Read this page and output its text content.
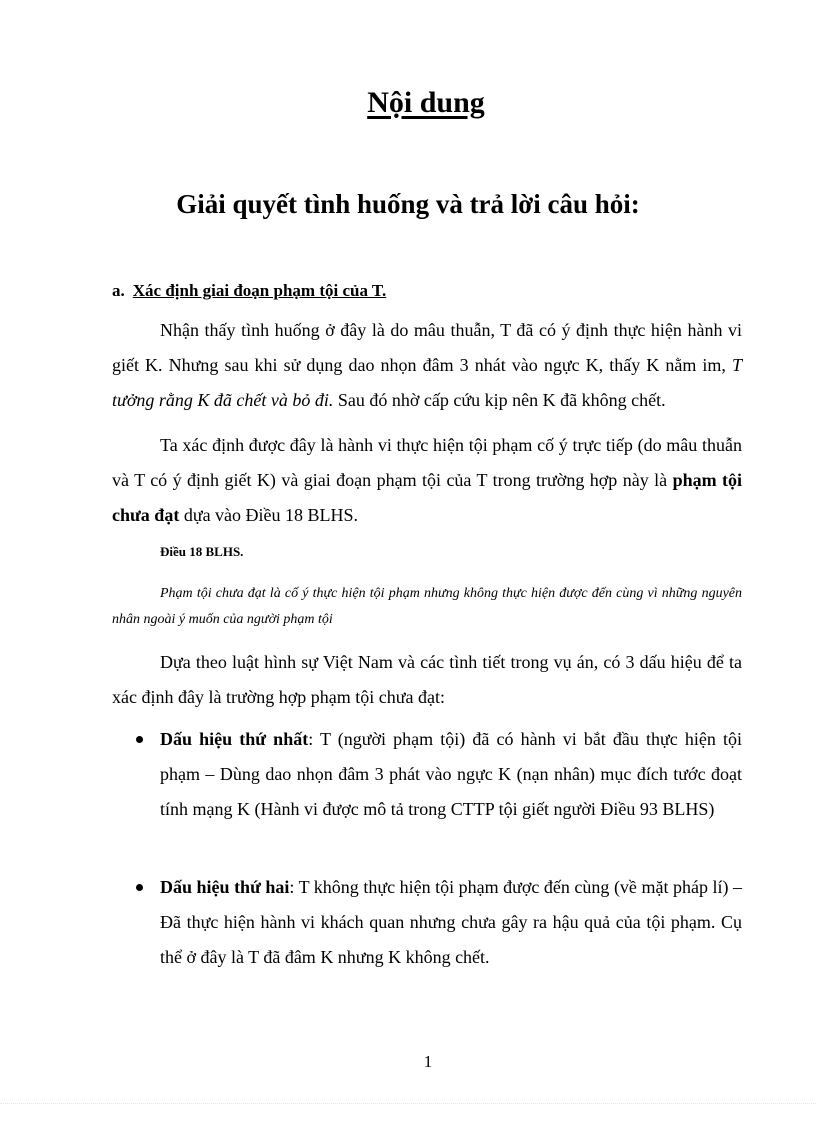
Nội dung
Giải quyết tình huống và trả lời câu hỏi:
a. Xác định giai đoạn phạm tội của T.

Nhận thấy tình huống ở đây là do mâu thuẫn, T đã có ý định thực hiện hành vi giết K. Nhưng sau khi sử dụng dao nhọn đâm 3 nhát vào ngực K, thấy K nằm im, T tưởng rằng K đã chết và bỏ đi. Sau đó nhờ cấp cứu kịp nên K đã không chết.

Ta xác định được đây là hành vi thực hiện tội phạm cố ý trực tiếp (do mâu thuẫn và T có ý định giết K) và giai đoạn phạm tội của T trong trường hợp này là phạm tội chưa đạt dựa vào Điều 18 BLHS.

Điều 18 BLHS.

Phạm tội chưa đạt là cố ý thực hiện tội phạm nhưng không thực hiện được đến cùng vì những nguyên nhân ngoài ý muốn của người phạm tội

Dựa theo luật hình sự Việt Nam và các tình tiết trong vụ án, có 3 dấu hiệu để ta xác định đây là trường hợp phạm tội chưa đạt:

Dấu hiệu thứ nhất: T (người phạm tội) đã có hành vi bắt đầu thực hiện tội phạm – Dùng dao nhọn đâm 3 phát vào ngực K (nạn nhân) mục đích tước đoạt tính mạng K (Hành vi được mô tả trong CTTP tội giết người Điều 93 BLHS)
Dấu hiệu thứ hai: T không thực hiện tội phạm được đến cùng (về mặt pháp lí) – Đã thực hiện hành vi khách quan nhưng chưa gây ra hậu quả của tội phạm. Cụ thể ở đây là T đã đâm K nhưng K không chết.

1
